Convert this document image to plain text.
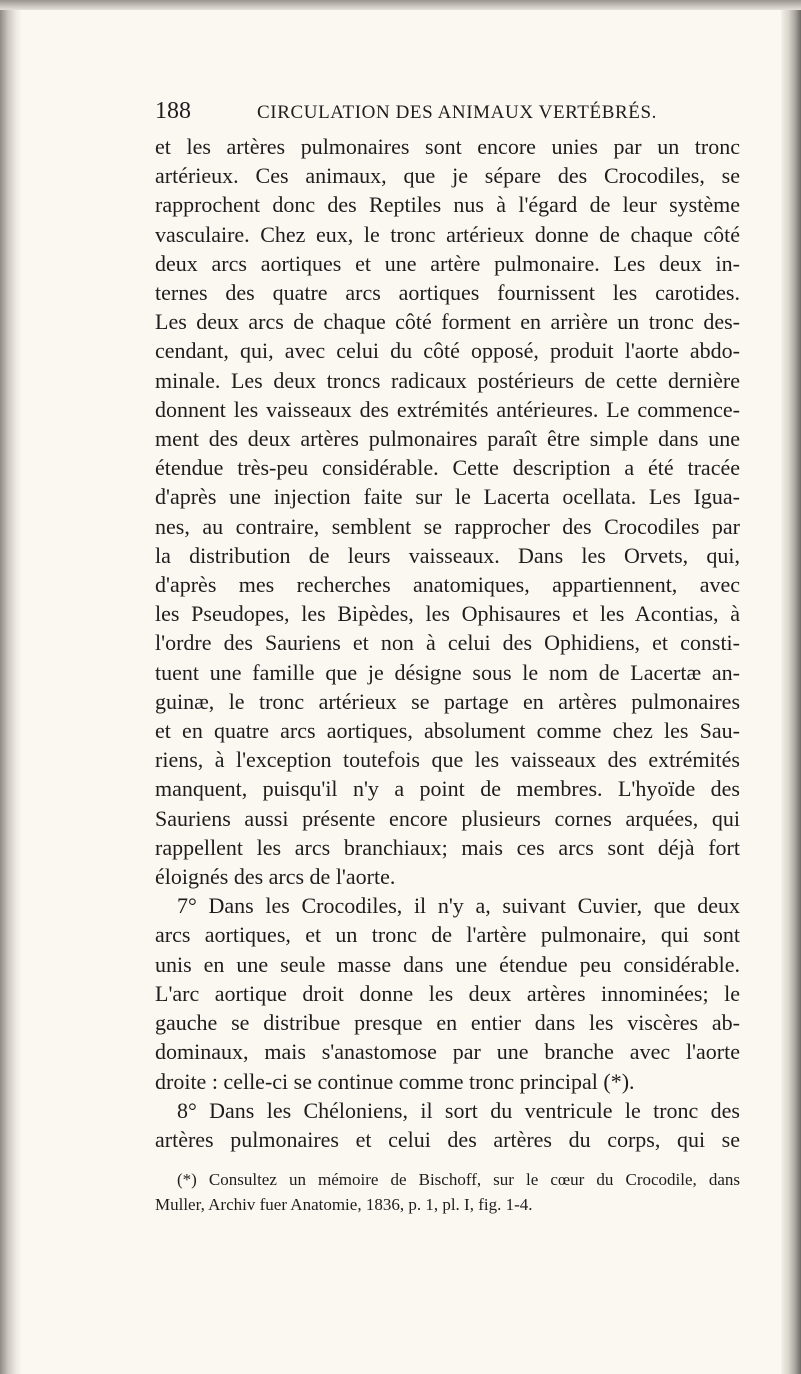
188	CIRCULATION DES ANIMAUX VERTÉBRÉS.
et les artères pulmonaires sont encore unies par un tronc
artérieux. Ces animaux, que je sépare des Crocodiles, se
rapprochent donc des Reptiles nus à l'égard de leur système
vasculaire. Chez eux, le tronc artérieux donne de chaque côté
deux arcs aortiques et une artère pulmonaire. Les deux in-
ternes des quatre arcs aortiques fournissent les carotides.
Les deux arcs de chaque côté forment en arrière un tronc des-
cendant, qui, avec celui du côté opposé, produit l'aorte abdo-
minale. Les deux troncs radicaux postérieurs de cette dernière
donnent les vaisseaux des extrémités antérieures. Le commence-
ment des deux artères pulmonaires paraît être simple dans une
étendue très-peu considérable. Cette description a été tracée
d'après une injection faite sur le Lacerta ocellata. Les Igua-
nes, au contraire, semblent se rapprocher des Crocodiles par
la distribution de leurs vaisseaux. Dans les Orvets, qui,
d'après mes recherches anatomiques, appartiennent, avec
les Pseudopes, les Bipèdes, les Ophisaures et les Acontias, à
l'ordre des Sauriens et non à celui des Ophidiens, et consti-
tuent une famille que je désigne sous le nom de Lacertæ an-
guinæ, le tronc artérieux se partage en artères pulmonaires
et en quatre arcs aortiques, absolument comme chez les Sau-
riens, à l'exception toutefois que les vaisseaux des extrémités
manquent, puisqu'il n'y a point de membres. L'hyoïde des
Sauriens aussi présente encore plusieurs cornes arquées, qui
rappellent les arcs branchiaux; mais ces arcs sont déjà fort
éloignés des arcs de l'aorte.
7° Dans les Crocodiles, il n'y a, suivant Cuvier, que deux
arcs aortiques, et un tronc de l'artère pulmonaire, qui sont
unis en une seule masse dans une étendue peu considérable.
L'arc aortique droit donne les deux artères innominées; le
gauche se distribue presque en entier dans les viscères ab-
dominaux, mais s'anastomose par une branche avec l'aorte
droite : celle-ci se continue comme tronc principal (*).
8° Dans les Chéloniens, il sort du ventricule le tronc des
artères pulmonaires et celui des artères du corps, qui se
(*) Consultez un mémoire de Bischoff, sur le cœur du Crocodile, dans
Muller, Archiv fuer Anatomie, 1836, p. 1, pl. I, fig. 1-4.
